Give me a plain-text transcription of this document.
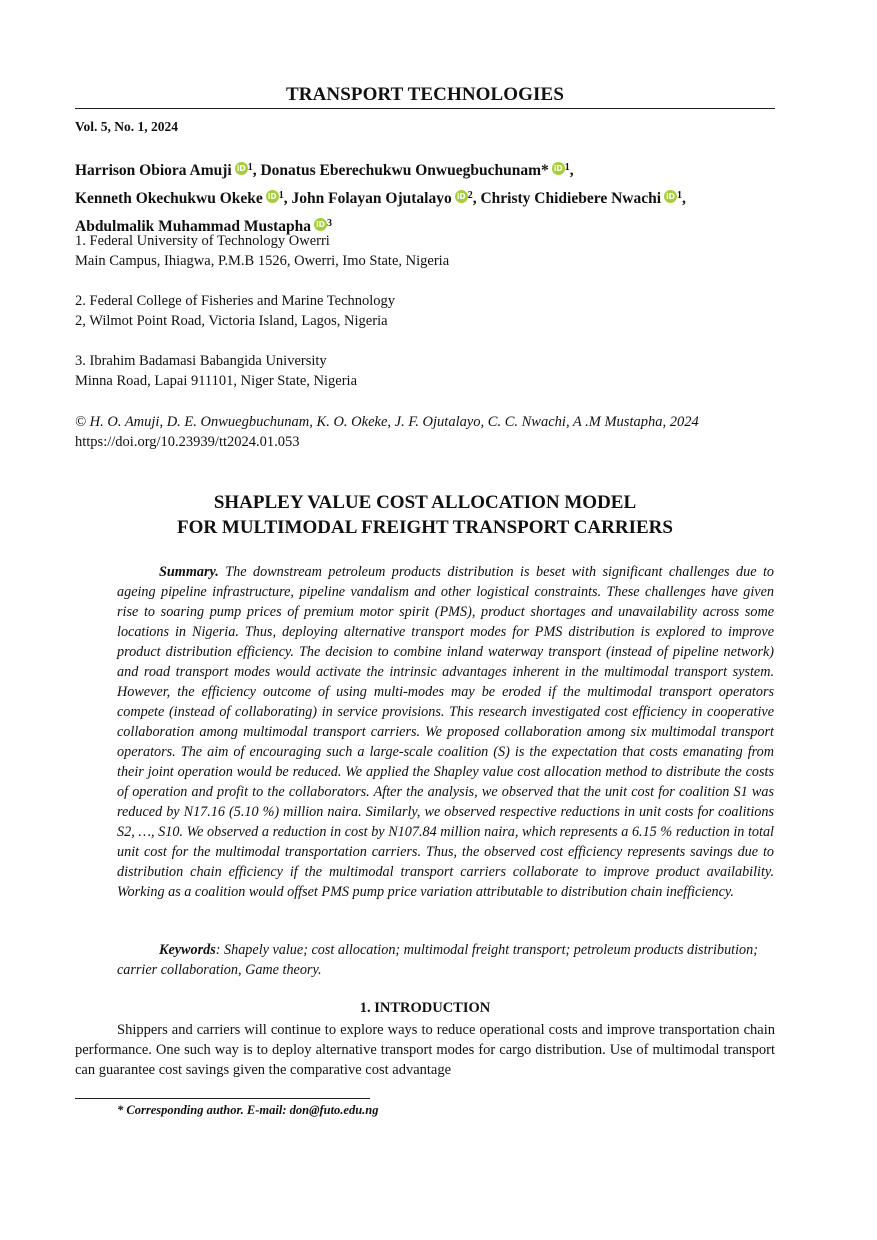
TRANSPORT TECHNOLOGIES
Vol. 5, No. 1, 2024
Harrison Obiora Amuji iD $^1$, Donatus Eberechukwu Onwuegbuchunam* iD $^1$,
Kenneth Okechukwu Okeke iD $^1$, John Folayan Ojutalayo iD $^2$, Christy Chidiebere Nwachi iD $^1$,
Abdulmalik Muhammad Mustapha iD $^3$
1. Federal University of Technology Owerri
Main Campus, Ihiagwa, P.M.B 1526, Owerri, Imo State, Nigeria
2. Federal College of Fisheries and Marine Technology
2, Wilmot Point Road, Victoria Island, Lagos, Nigeria
3. Ibrahim Badamasi Babangida University
Minna Road, Lapai 911101, Niger State, Nigeria
© H. O. Amuji, D. E. Onwuegbuchunam, K. O. Okeke, J. F. Ojutalayo, C. C. Nwachi, A .M Mustapha, 2024
https://doi.org/10.23939/tt2024.01.053
SHAPLEY VALUE COST ALLOCATION MODEL
FOR MULTIMODAL FREIGHT TRANSPORT CARRIERS
Summary. The downstream petroleum products distribution is beset with significant challenges due to ageing pipeline infrastructure, pipeline vandalism and other logistical constraints. These challenges have given rise to soaring pump prices of premium motor spirit (PMS), product shortages and unavailability across some locations in Nigeria. Thus, deploying alternative transport modes for PMS distribution is explored to improve product distribution efficiency. The decision to combine inland waterway transport (instead of pipeline network) and road transport modes would activate the intrinsic advantages inherent in the multimodal transport system. However, the efficiency outcome of using multi-modes may be eroded if the multimodal transport operators compete (instead of collaborating) in service provisions. This research investigated cost efficiency in cooperative collaboration among multimodal transport carriers. We proposed collaboration among six multimodal transport operators. The aim of encouraging such a large-scale coalition (S) is the expectation that costs emanating from their joint operation would be reduced. We applied the Shapley value cost allocation method to distribute the costs of operation and profit to the collaborators. After the analysis, we observed that the unit cost for coalition S1 was reduced by N17.16 (5.10 %) million naira. Similarly, we observed respective reductions in unit costs for coalitions S2, …, S10. We observed a reduction in cost by N107.84 million naira, which represents a 6.15 % reduction in total unit cost for the multimodal transportation carriers. Thus, the observed cost efficiency represents savings due to distribution chain efficiency if the multimodal transport carriers collaborate to improve product availability. Working as a coalition would offset PMS pump price variation attributable to distribution chain inefficiency.
Keywords: Shapely value; cost allocation; multimodal freight transport; petroleum products distribution; carrier collaboration, Game theory.
1. INTRODUCTION
Shippers and carriers will continue to explore ways to reduce operational costs and improve transportation chain performance. One such way is to deploy alternative transport modes for cargo distribution. Use of multimodal transport can guarantee cost savings given the comparative cost advantage
* Corresponding author. E-mail: don@futo.edu.ng
